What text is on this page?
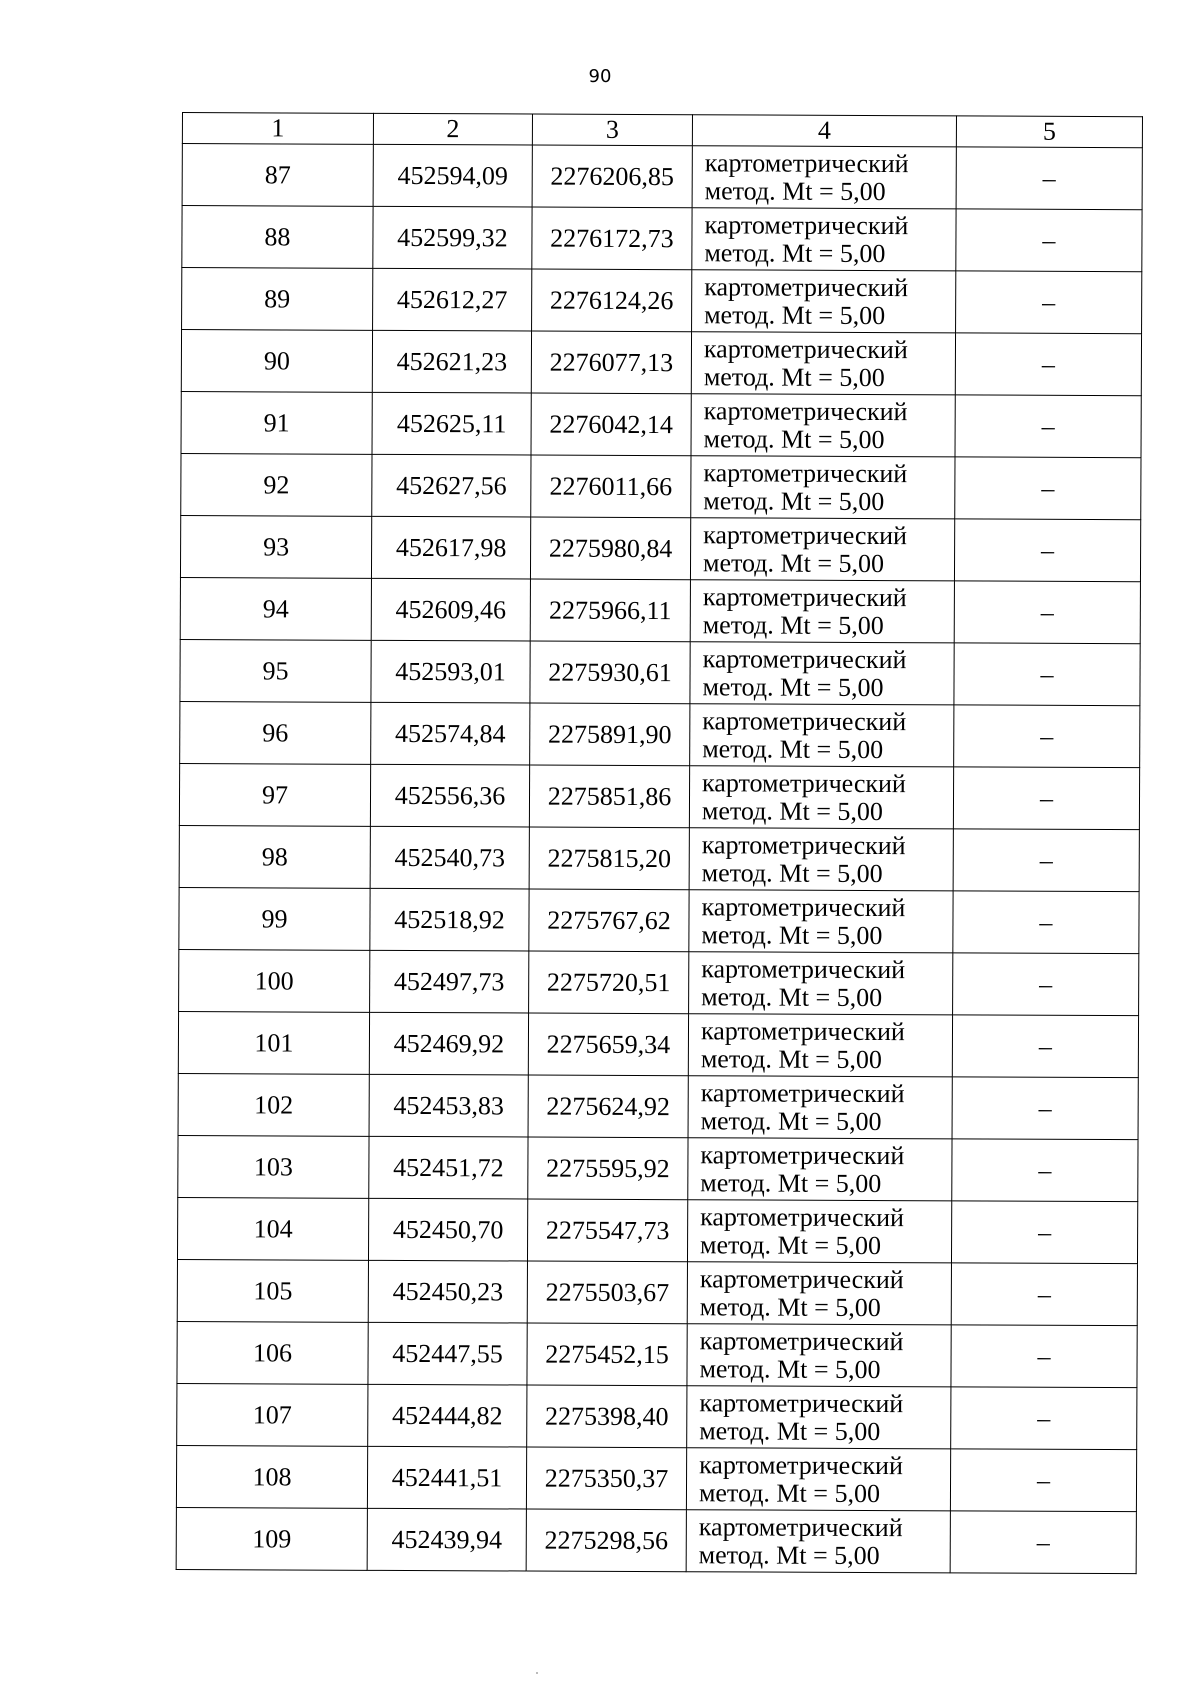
90
1	2	3	4	5
87	452594,09	2276206,85	картометрический
метод. Mt = 5,00	–
88	452599,32	2276172,73	картометрический
метод. Mt = 5,00	–
89	452612,27	2276124,26	картометрический
метод. Mt = 5,00	–
90	452621,23	2276077,13	картометрический
метод. Mt = 5,00	–
91	452625,11	2276042,14	картометрический
метод. Mt = 5,00	–
92	452627,56	2276011,66	картометрический
метод. Mt = 5,00	–
93	452617,98	2275980,84	картометрический
метод. Mt = 5,00	–
94	452609,46	2275966,11	картометрический
метод. Mt = 5,00	–
95	452593,01	2275930,61	картометрический
метод. Mt = 5,00	–
96	452574,84	2275891,90	картометрический
метод. Mt = 5,00	–
97	452556,36	2275851,86	картометрический
метод. Mt = 5,00	–
98	452540,73	2275815,20	картометрический
метод. Mt = 5,00	–
99	452518,92	2275767,62	картометрический
метод. Mt = 5,00	–
100	452497,73	2275720,51	картометрический
метод. Mt = 5,00	–
101	452469,92	2275659,34	картометрический
метод. Mt = 5,00	–
102	452453,83	2275624,92	картометрический
метод. Mt = 5,00	–
103	452451,72	2275595,92	картометрический
метод. Mt = 5,00	–
104	452450,70	2275547,73	картометрический
метод. Mt = 5,00	–
105	452450,23	2275503,67	картометрический
метод. Mt = 5,00	–
106	452447,55	2275452,15	картометрический
метод. Mt = 5,00	–
107	452444,82	2275398,40	картометрический
метод. Mt = 5,00	–
108	452441,51	2275350,37	картометрический
метод. Mt = 5,00	–
109	452439,94	2275298,56	картометрический
метод. Mt = 5,00	–
